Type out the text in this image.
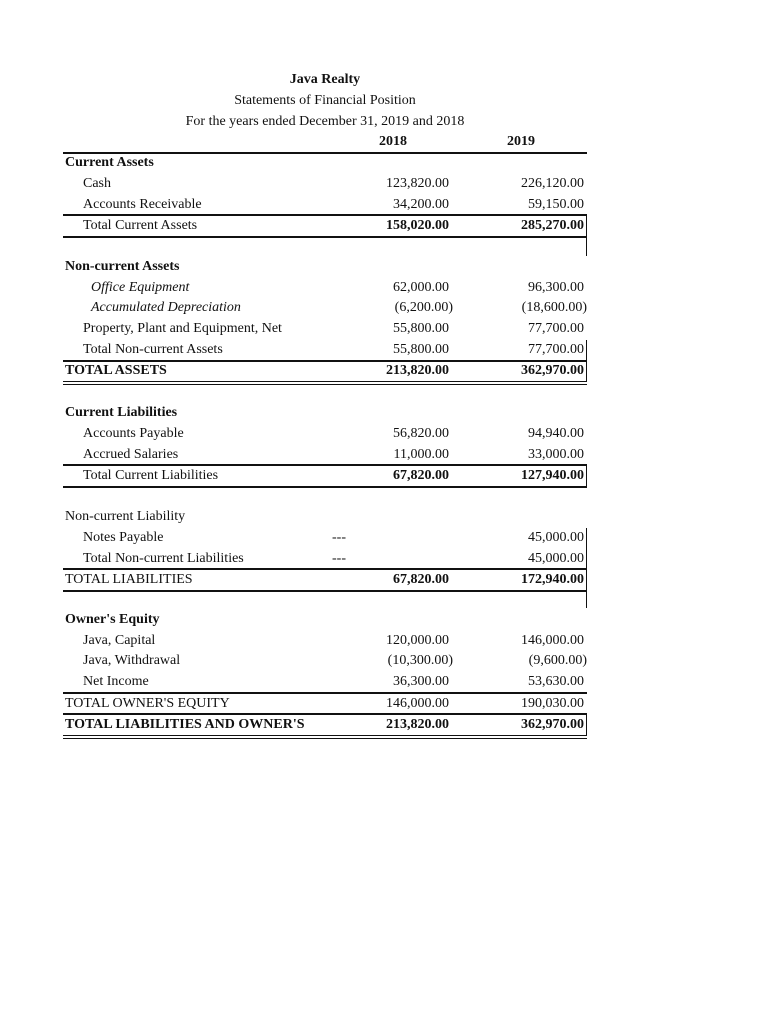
Java Realty
Statements of Financial Position
For the years ended December 31, 2019 and 2018
2018	2019
Current Assets
Cash	123,820.00	226,120.00
Accounts Receivable	34,200.00	59,150.00
Total Current Assets	158,020.00	285,270.00
Non-current Assets
Office Equipment	62,000.00	96,300.00
Accumulated Depreciation	(6,200.00)	(18,600.00)
Property, Plant and Equipment, Net	55,800.00	77,700.00
Total Non-current Assets	55,800.00	77,700.00
TOTAL ASSETS	213,820.00	362,970.00
Current Liabilities
Accounts Payable	56,820.00	94,940.00
Accrued Salaries	11,000.00	33,000.00
Total Current Liabilities	67,820.00	127,940.00
Non-current Liability
Notes Payable	---	45,000.00
Total Non-current Liabilities	---	45,000.00
TOTAL LIABILITIES	67,820.00	172,940.00
Owner's Equity
Java, Capital	120,000.00	146,000.00
Java, Withdrawal	(10,300.00)	(9,600.00)
Net Income	36,300.00	53,630.00
TOTAL OWNER'S EQUITY	146,000.00	190,030.00
TOTAL LIABILITIES AND OWNER'S	213,820.00	362,970.00
